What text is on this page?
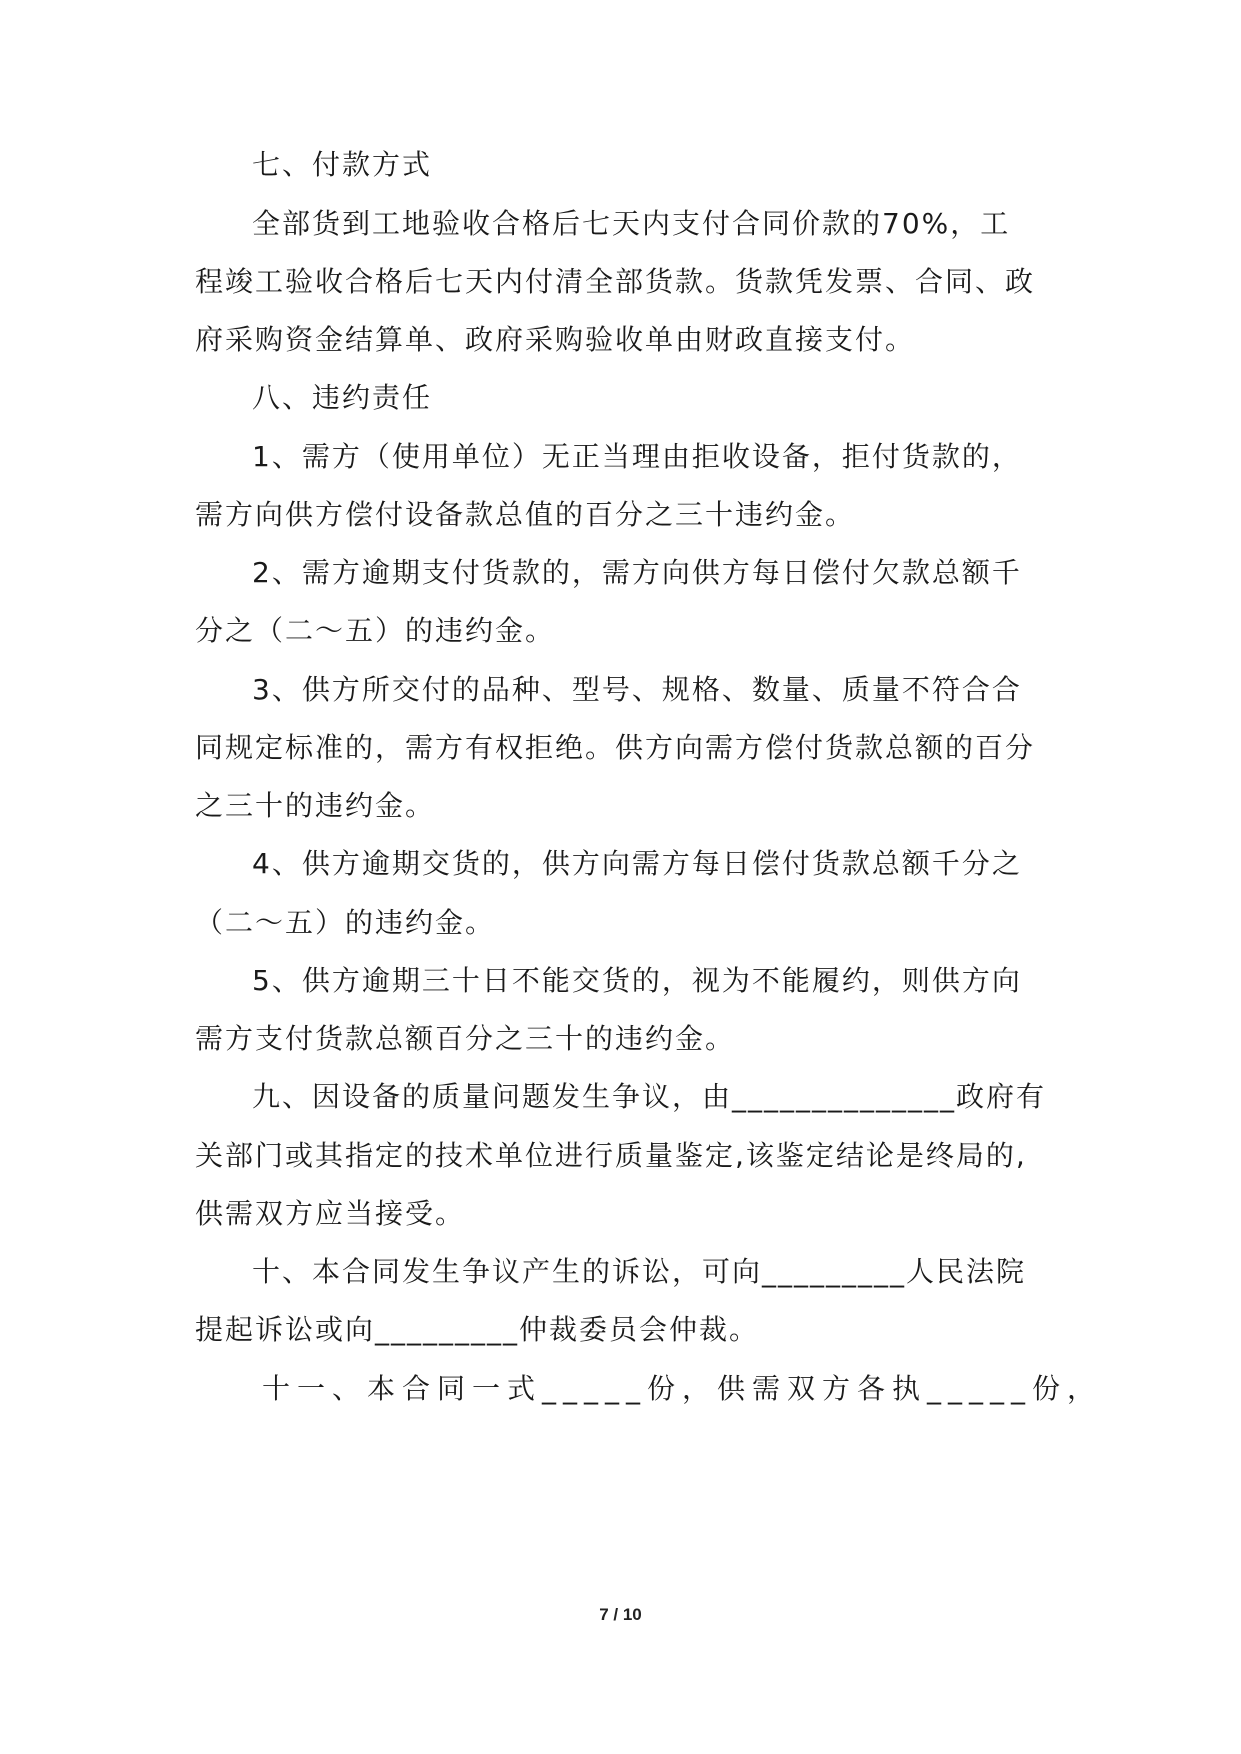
七、付款方式
全部货到工地验收合格后七天内支付合同价款的70%，工
程竣工验收合格后七天内付清全部货款。货款凭发票、合同、政
府采购资金结算单、政府采购验收单由财政直接支付。
八、违约责任
1、需方（使用单位）无正当理由拒收设备，拒付货款的，
需方向供方偿付设备款总值的百分之三十违约金。
2、需方逾期支付货款的，需方向供方每日偿付欠款总额千
分之（二～五）的违约金。
3、供方所交付的品种、型号、规格、数量、质量不符合合
同规定标准的，需方有权拒绝。供方向需方偿付货款总额的百分
之三十的违约金。
4、供方逾期交货的，供方向需方每日偿付货款总额千分之
（二～五）的违约金。
5、供方逾期三十日不能交货的，视为不能履约，则供方向
需方支付货款总额百分之三十的违约金。
九、因设备的质量问题发生争议，由______________政府有
关部门或其指定的技术单位进行质量鉴定,该鉴定结论是终局的,
供需双方应当接受。
十、本合同发生争议产生的诉讼，可向_________人民法院
提起诉讼或向_________仲裁委员会仲裁。
十一、本合同一式_____份，供需双方各执_____份，
7 / 10
